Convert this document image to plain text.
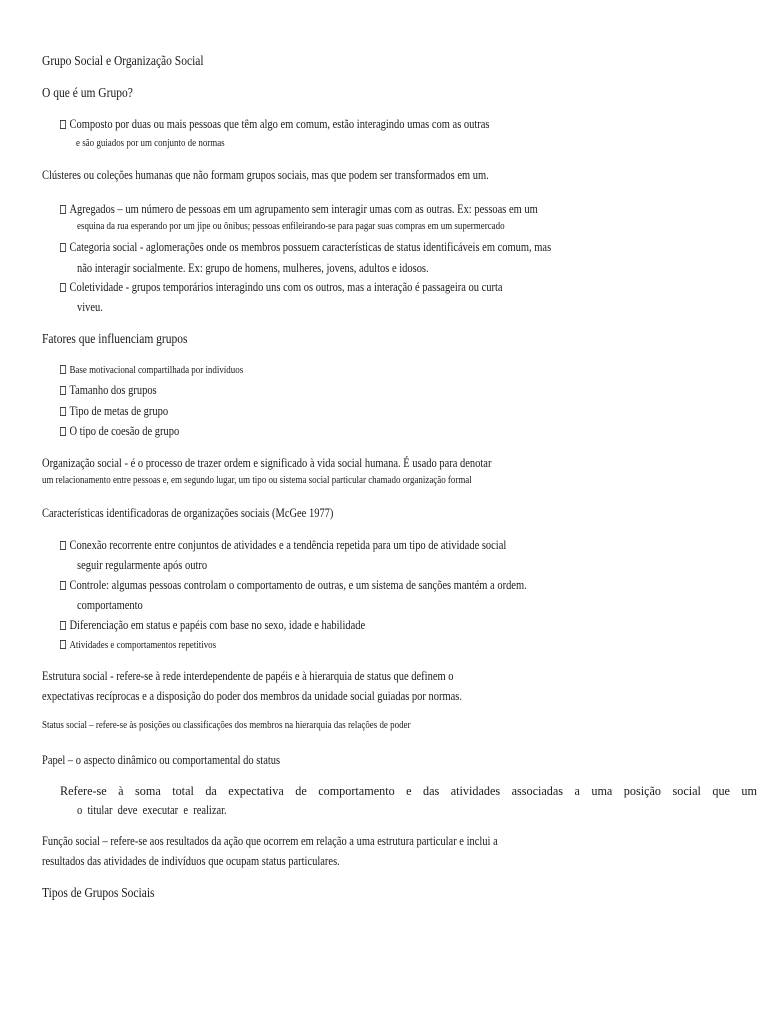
Grupo Social e Organização Social
O que é um Grupo?
Composto por duas ou mais pessoas que têm algo em comum, estão interagindo umas com as outras
e são guiados por um conjunto de normas
Clústeres ou coleções humanas que não formam grupos sociais, mas que podem ser transformados em um.
Agregados – um número de pessoas em um agrupamento sem interagir umas com as outras. Ex: pessoas em um
esquina da rua esperando por um jipe ou ônibus; pessoas enfileirando-se para pagar suas compras em um supermercado
Categoria social - aglomerações onde os membros possuem características de status identificáveis em comum, mas
não interagir socialmente. Ex: grupo de homens, mulheres, jovens, adultos e idosos.
Coletividade - grupos temporários interagindo uns com os outros, mas a interação é passageira ou curta
viveu.
Fatores que influenciam grupos
Base motivacional compartilhada por indivíduos
Tamanho dos grupos
Tipo de metas de grupo
O tipo de coesão de grupo
Organização social - é o processo de trazer ordem e significado à vida social humana. É usado para denotar
um relacionamento entre pessoas e, em segundo lugar, um tipo ou sistema social particular chamado organização formal
Características identificadoras de organizações sociais (McGee 1977)
Conexão recorrente entre conjuntos de atividades e a tendência repetida para um tipo de atividade social
seguir regularmente após outro
Controle: algumas pessoas controlam o comportamento de outras, e um sistema de sanções mantém a ordem.
comportamento
Diferenciação em status e papéis com base no sexo, idade e habilidade
Atividades e comportamentos repetitivos
Estrutura social - refere-se à rede interdependente de papéis e à hierarquia de status que definem o
expectativas recíprocas e a disposição do poder dos membros da unidade social guiadas por normas.
Status social – refere-se às posições ou classificações dos membros na hierarquia das relações de poder
Papel – o aspecto dinâmico ou comportamental do status
Refere-se à soma total da expectativa de comportamento e das atividades associadas a uma posição social que um
o titular deve executar e realizar.
Função social – refere-se aos resultados da ação que ocorrem em relação a uma estrutura particular e inclui a
resultados das atividades de indivíduos que ocupam status particulares.
Tipos de Grupos Sociais
